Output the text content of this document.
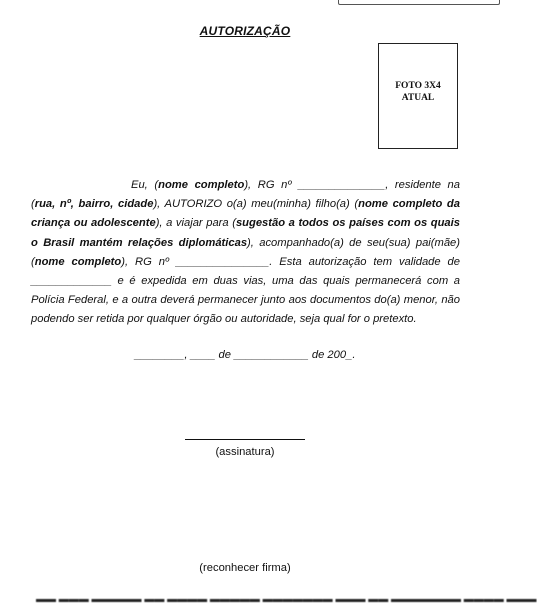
AUTORIZAÇÃO
FOTO 3X4
ATUAL

Eu, (nome completo), RG nº ______________, residente na (rua, nº, bairro, cidade), AUTORIZO o(a) meu(minha) filho(a) (nome completo da criança ou adolescente), a viajar para (sugestão a todos os países com os quais o Brasil mantém relações diplomáticas), acompanhado(a) de seu(sua) pai(mãe) (nome completo), RG nº _______________. Esta autorização tem validade de _____________ e é expedida em duas vias, uma das quais permanecerá com a Polícia Federal, e a outra deverá permanecer junto aos documentos do(a) menor, não podendo ser retida por qualquer órgão ou autoridade, seja qual for o pretexto.

________, ____ de ____________ de 200_.
(assinatura)
(reconhecer firma)
▬▬ ▬▬▬ ▬▬▬▬▬ ▬▬ ▬▬▬▬ ▬▬▬▬▬ ▬▬▬▬▬▬▬ ▬▬▬ ▬▬ ▬▬▬▬▬▬▬ ▬▬▬▬ ▬▬▬
